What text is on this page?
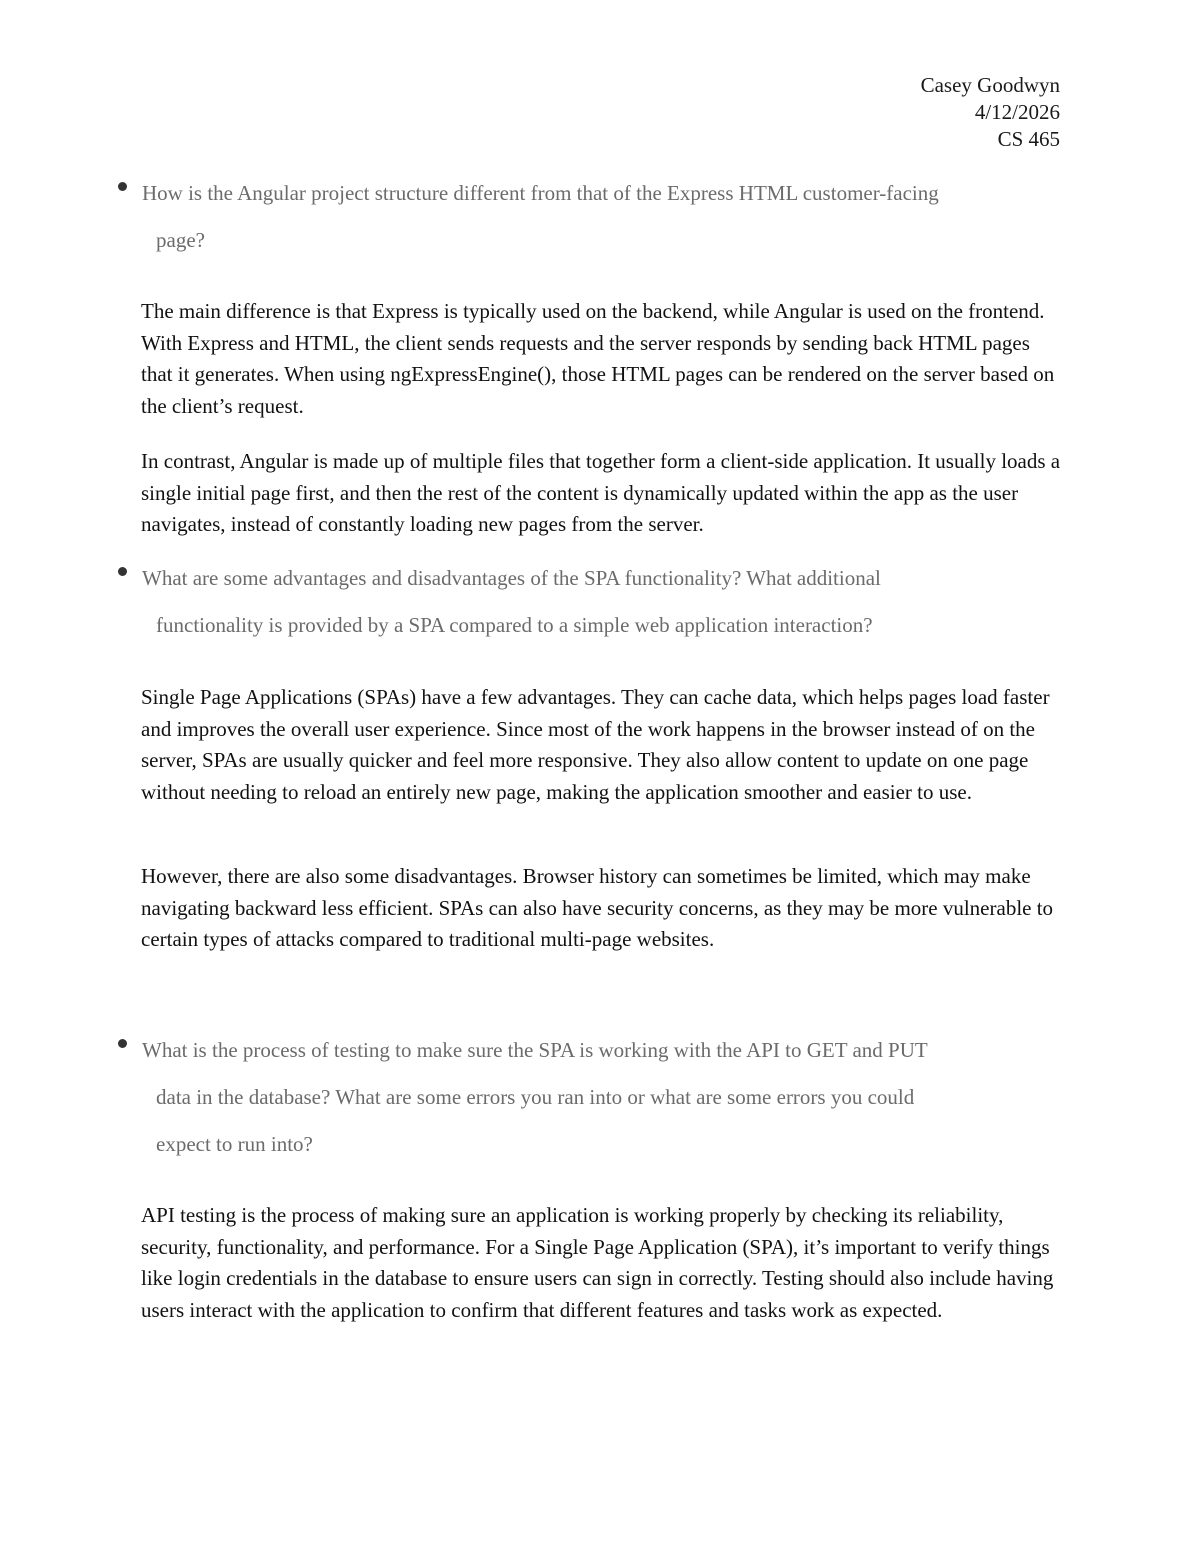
Casey Goodwyn
4/12/2026
CS 465
How is the Angular project structure different from that of the Express HTML customer-facing
page?

The main difference is that Express is typically used on the backend, while Angular is used on the frontend. With Express and HTML, the client sends requests and the server responds by sending back HTML pages that it generates. When using ngExpressEngine(), those HTML pages can be rendered on the server based on the client’s request.

In contrast, Angular is made up of multiple files that together form a client-side application. It usually loads a single initial page first, and then the rest of the content is dynamically updated within the app as the user navigates, instead of constantly loading new pages from the server.

What are some advantages and disadvantages of the SPA functionality? What additional
functionality is provided by a SPA compared to a simple web application interaction?

Single Page Applications (SPAs) have a few advantages. They can cache data, which helps pages load faster and improves the overall user experience. Since most of the work happens in the browser instead of on the server, SPAs are usually quicker and feel more responsive. They also allow content to update on one page without needing to reload an entirely new page, making the application smoother and easier to use.

However, there are also some disadvantages. Browser history can sometimes be limited, which may make navigating backward less efficient. SPAs can also have security concerns, as they may be more vulnerable to certain types of attacks compared to traditional multi-page websites.

What is the process of testing to make sure the SPA is working with the API to GET and PUT
data in the database? What are some errors you ran into or what are some errors you could
expect to run into?

API testing is the process of making sure an application is working properly by checking its reliability, security, functionality, and performance. For a Single Page Application (SPA), it’s important to verify things like login credentials in the database to ensure users can sign in correctly. Testing should also include having users interact with the application to confirm that different features and tasks work as expected.
